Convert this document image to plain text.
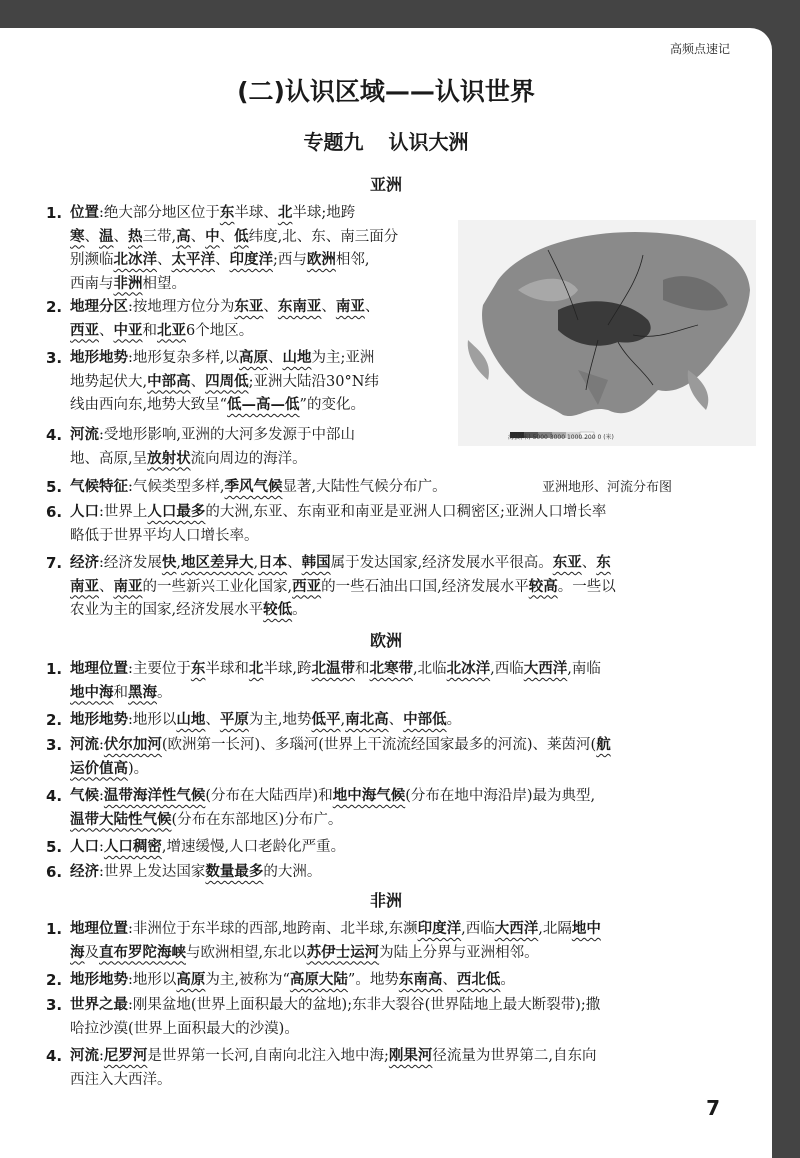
高频点速记
(二)认识区域——认识世界
专题九 认识大洲
亚洲
1. 位置:绝大部分地区位于东半球、北半球;地跨
寒、温、热三带,高、中、低纬度,北、东、南三面分
别濒临北冰洋、太平洋、印度洋;西与欧洲相邻,
西南与非洲相望。
2. 地理分区:按地理方位分为东亚、东南亚、南亚、
西亚、中亚和北亚6个地区。
3. 地形地势:地形复杂多样,以高原、山地为主;亚洲
地势起伏大,中部高、四周低;亚洲大陆沿30°N纬
线由西向东,地势大致呈“低—高—低”的变化。
4. 河流:受地形影响,亚洲的大河多发源于中部山
地、高原,呈放射状流向周边的海洋。
5. 气候特征:气候类型多样,季风气候显著,大陆性气候分布广。
6. 人口:世界上人口最多的大洲,东亚、东南亚和南亚是亚洲人口稠密区;亚洲人口增长率
略低于世界平均人口增长率。
7. 经济:经济发展快,地区差异大,日本、韩国属于发达国家,经济发展水平很高。东亚、东
南亚、南亚的一些新兴工业化国家,西亚的一些石油出口国,经济发展水平较高。一些以
农业为主的国家,经济发展水平较低。
海拔(米) 5000 3000 1000 200 0 (米)
亚洲地形、河流分布图
欧洲
1. 地理位置:主要位于东半球和北半球,跨北温带和北寒带,北临北冰洋,西临大西洋,南临
地中海和黑海。
2. 地形地势:地形以山地、平原为主,地势低平,南北高、中部低。
3. 河流:伏尔加河(欧洲第一长河)、多瑙河(世界上干流流经国家最多的河流)、莱茵河(航
运价值高)。
4. 气候:温带海洋性气候(分布在大陆西岸)和地中海气候(分布在地中海沿岸)最为典型,
温带大陆性气候(分布在东部地区)分布广。
5. 人口:人口稠密,增速缓慢,人口老龄化严重。
6. 经济:世界上发达国家数量最多的大洲。
非洲
1. 地理位置:非洲位于东半球的西部,地跨南、北半球,东濒印度洋,西临大西洋,北隔地中
海及直布罗陀海峡与欧洲相望,东北以苏伊士运河为陆上分界与亚洲相邻。
2. 地形地势:地形以高原为主,被称为“高原大陆”。地势东南高、西北低。
3. 世界之最:刚果盆地(世界上面积最大的盆地);东非大裂谷(世界陆地上最大断裂带);撒
哈拉沙漠(世界上面积最大的沙漠)。
4. 河流:尼罗河是世界第一长河,自南向北注入地中海;刚果河径流量为世界第二,自东向
西注入大西洋。
7
